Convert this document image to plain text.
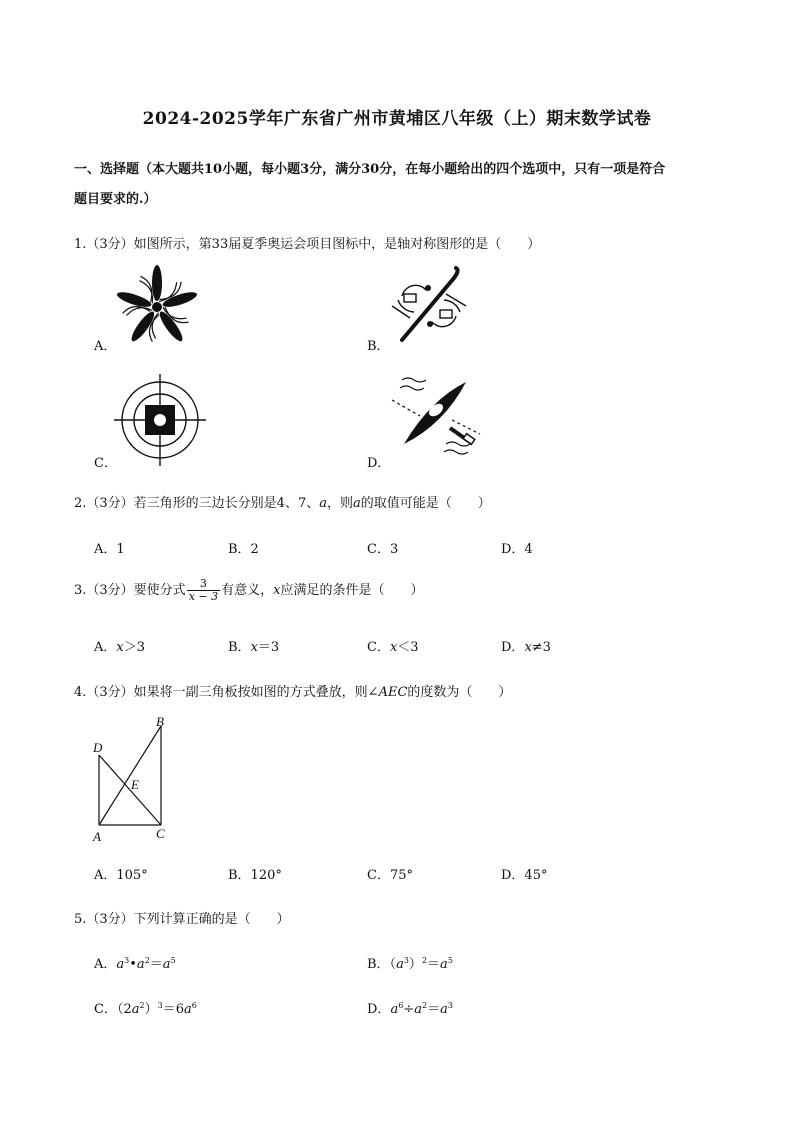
2024-2025学年广东省广州市黄埔区八年级（上）期末数学试卷
一、选择题（本大题共10小题，每小题3分，满分30分，在每小题给出的四个选项中，只有一项是符合
题目要求的.）
1.（3分）如图所示，第33届夏季奥运会项目图标中，是轴对称图形的是（　　）
A．	B．
C．	D．
2.（3分）若三角形的三边长分别是4、7、a，则a的取值可能是（　　）
A．1	B．2	C．3	D．4
3.（3分）要使分式 $\frac{3}{x - 3}$ 有意义，x应满足的条件是（　　）
A．x＞3	B．x＝3	C．x＜3	D．x≠3
4.（3分）如果将一副三角板按如图的方式叠放，则∠AEC的度数为（　　）
A
B
C
D
E
A．105°	B．120°	C．75°	D．45°
5.（3分）下列计算正确的是（　　）
A．$a^3•a^2=a^5$	B．$(a^3)^2=a^5$
C．$(2a^2)^3=6a^6$	D．$a^6\div a^2=a^3$
